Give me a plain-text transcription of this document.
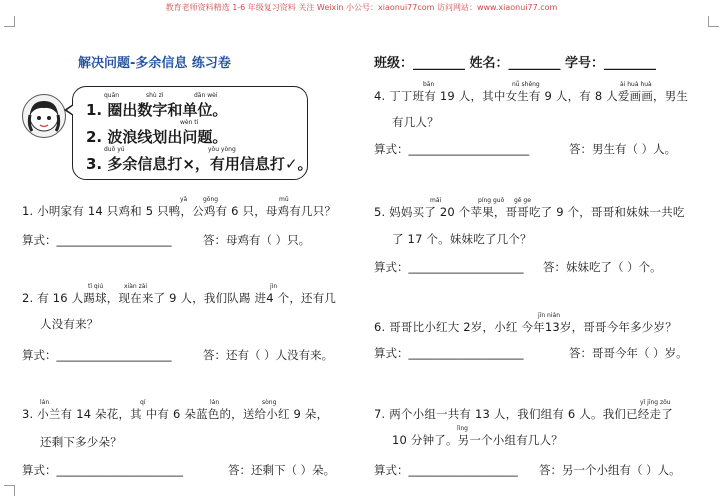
教育老师资料精选 1-6 年级复习资料 关注 Weixin 小公号：xiaonui77com 访问网站：www.xiaonui77.com
解决问题-多余信息 练习卷	班级：________ 姓名：________ 学号：________
quān	shù zì	dān wèi
1. 圈出数字和单位。
wèn tí
2. 波浪线划出问题。
duō yú	yǒu yòng
3. 多余信息打×，有用信息打✓。
yā	gōng	mǔ
1. 小明家有 14 只鸡和 5 只鸭，公鸡有 6 只，母鸡有几只？
算式：____________________	答：母鸡有（ ）只。
tī qiú	xiàn zài	jìn
2. 有 16 人踢球，现在来了 9 人，我们队踢 进4 个，还有几
人没有来？
算式：____________________	答：还有（ ）人没有来。
lán	qí	lán	sòng
3. 小兰有 14 朵花，其 中有 6 朵蓝色的，送给小红 9 朵，
还剩下多少朵？
算式：______________________	答：还剩下（ ）朵。
bān	nǚ shēng	ài huà huà
4. 丁丁班有 19 人，其中女生有 9 人，有 8 人爱画画，男生
有几人？
算式：_____________________	答：男生有（ ）人。
mǎi	píng guǒ gē ge
5. 妈妈买了 20 个苹果，哥哥吃了 9 个，哥哥和妹妹一共吃
了 17 个。妹妹吃了几个？
算式：____________________ 答：妹妹吃了（ ）个。
jīn nián
6. 哥哥比小红大 2岁，小红 今年13岁，哥哥今年多少岁？
算式：____________________	答：哥哥今年（ ）岁。
yǐ jīng zǒu
lìng
7. 两个小组一共有 13 人，我们组有 6 人。我们已经走了
10 分钟了。另一个小组有几人？
算式：___________________ 答：另一个小组有（ ）人。
